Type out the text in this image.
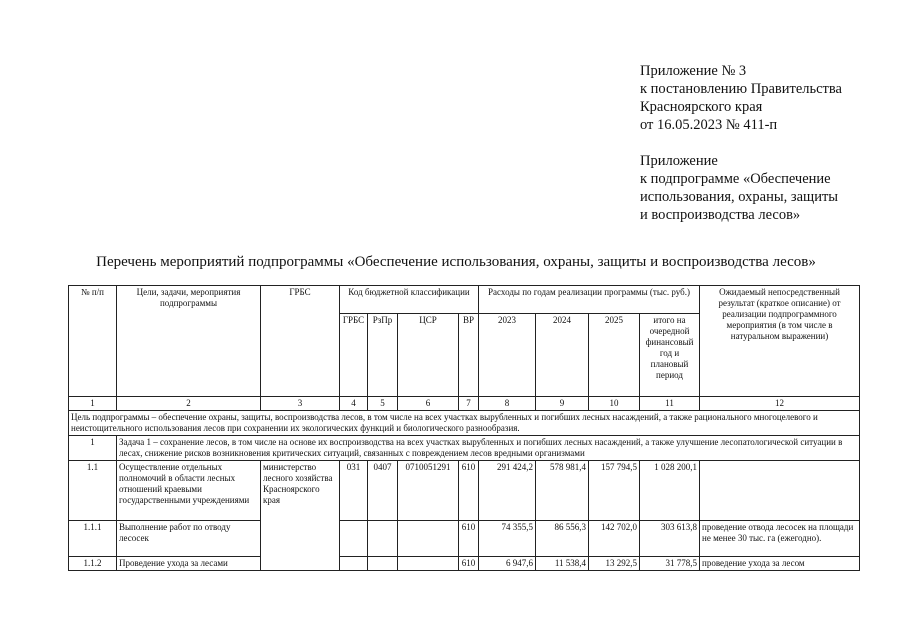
Приложение № 3
к постановлению Правительства
Красноярского края
от 16.05.2023 № 411-п
Приложение
к подпрограмме «Обеспечение
использования, охраны, защиты
и воспроизводства лесов»
Перечень мероприятий подпрограммы «Обеспечение использования, охраны, защиты и воспроизводства лесов»
№ п/п	Цели, задачи, мероприятия подпрограммы	ГРБС	Код бюджетной классификации				Расходы по годам реализации программы (тыс. руб.)				Ожидаемый непосредственный результат (краткое описание) от реализации подпрограммного мероприятия (в том числе в натуральном выражении)
			ГРБС	РзПр	ЦСР	ВР	2023	2024	2025	итого на очередной финансовый год и плановый период	
1	2	3	4	5	6	7	8	9	10	11	12
Цель подпрограммы – обеспечение охраны, защиты, воспроизводства лесов, в том числе на всех участках вырубленных и погибших лесных насаждений, а также рационального многоцелевого и неистощительного использования лесов при сохранении их экологических функций и биологического разнообразия.											
1	Задача 1 – сохранение лесов, в том числе на основе их воспроизводства на всех участках вырубленных и погибших лесных насаждений, а также улучшение лесопатологической ситуации в лесах, снижение рисков возникновения критических ситуаций, связанных с повреждением лесов вредными организмами										
1.1	Осуществление отдельных полномочий в области лесных отношений краевыми государственными учреждениями	министерство лесного хозяйства Красноярского края	031	0407	0710051291	610	291 424,2	578 981,4	157 794,5	1 028 200,1	
1.1.1	Выполнение работ по отводу лесосек					610	74 355,5	86 556,3	142 702,0	303 613,8	проведение отвода лесосек на площади не менее 30 тыс. га (ежегодно).
1.1.2	Проведение ухода за лесами					610	6 947,6	11 538,4	13 292,5	31 778,5	проведение ухода за лесом
